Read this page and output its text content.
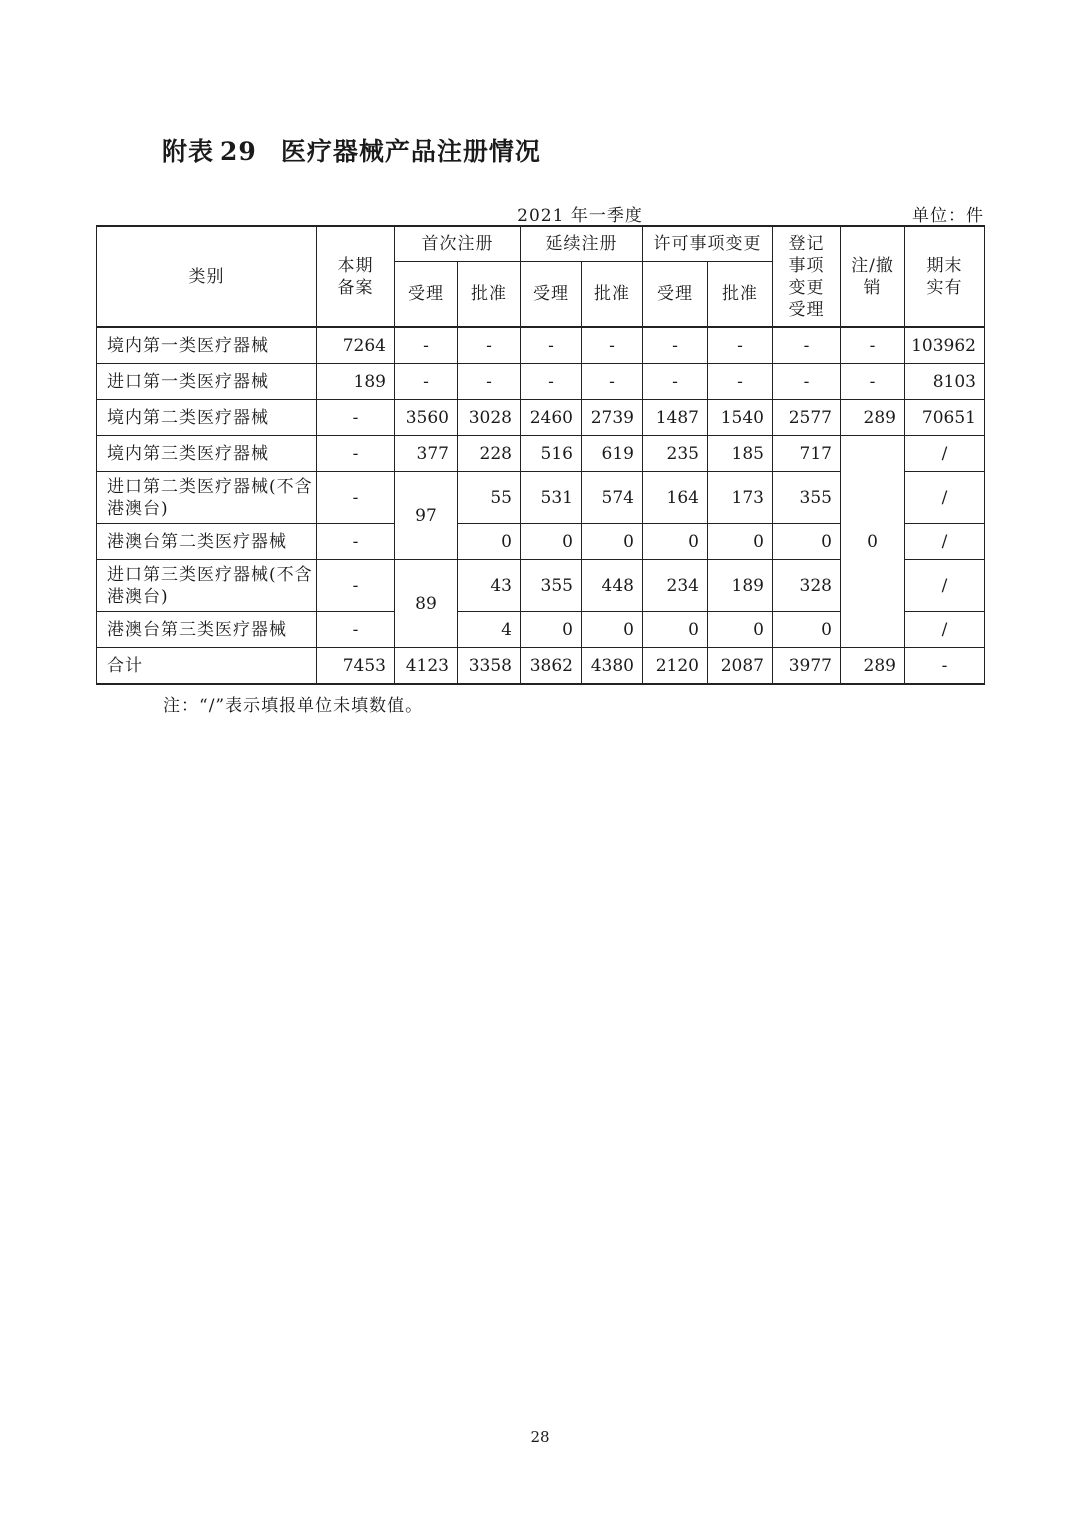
附表 29 医疗器械产品注册情况
2021 年一季度	单位：件
类别	本期备案	首次注册		延续注册		许可事项变更		登记事项变更受理	注/撤销	期末实有
		受理	批准	受理	批准	受理	批准			
境内第一类医疗器械	7264	-	-	-	-	-	-	-	-	103962
进口第一类医疗器械	189	-	-	-	-	-	-	-	-	8103
境内第二类医疗器械	-	3560	3028	2460	2739	1487	1540	2577	289	70651
境内第三类医疗器械	-	377	228	516	619	235	185	717	0	/
进口第二类医疗器械(不含港澳台)	-	97	55	531	574	164	173	355		/
港澳台第二类医疗器械	-		0	0	0	0	0	0		/
进口第三类医疗器械(不含港澳台)	-	89	43	355	448	234	189	328		/
港澳台第三类医疗器械	-		4	0	0	0	0	0		/
合计	7453	4123	3358	3862	4380	2120	2087	3977	289	-
注：“/”表示填报单位未填数值。
28
